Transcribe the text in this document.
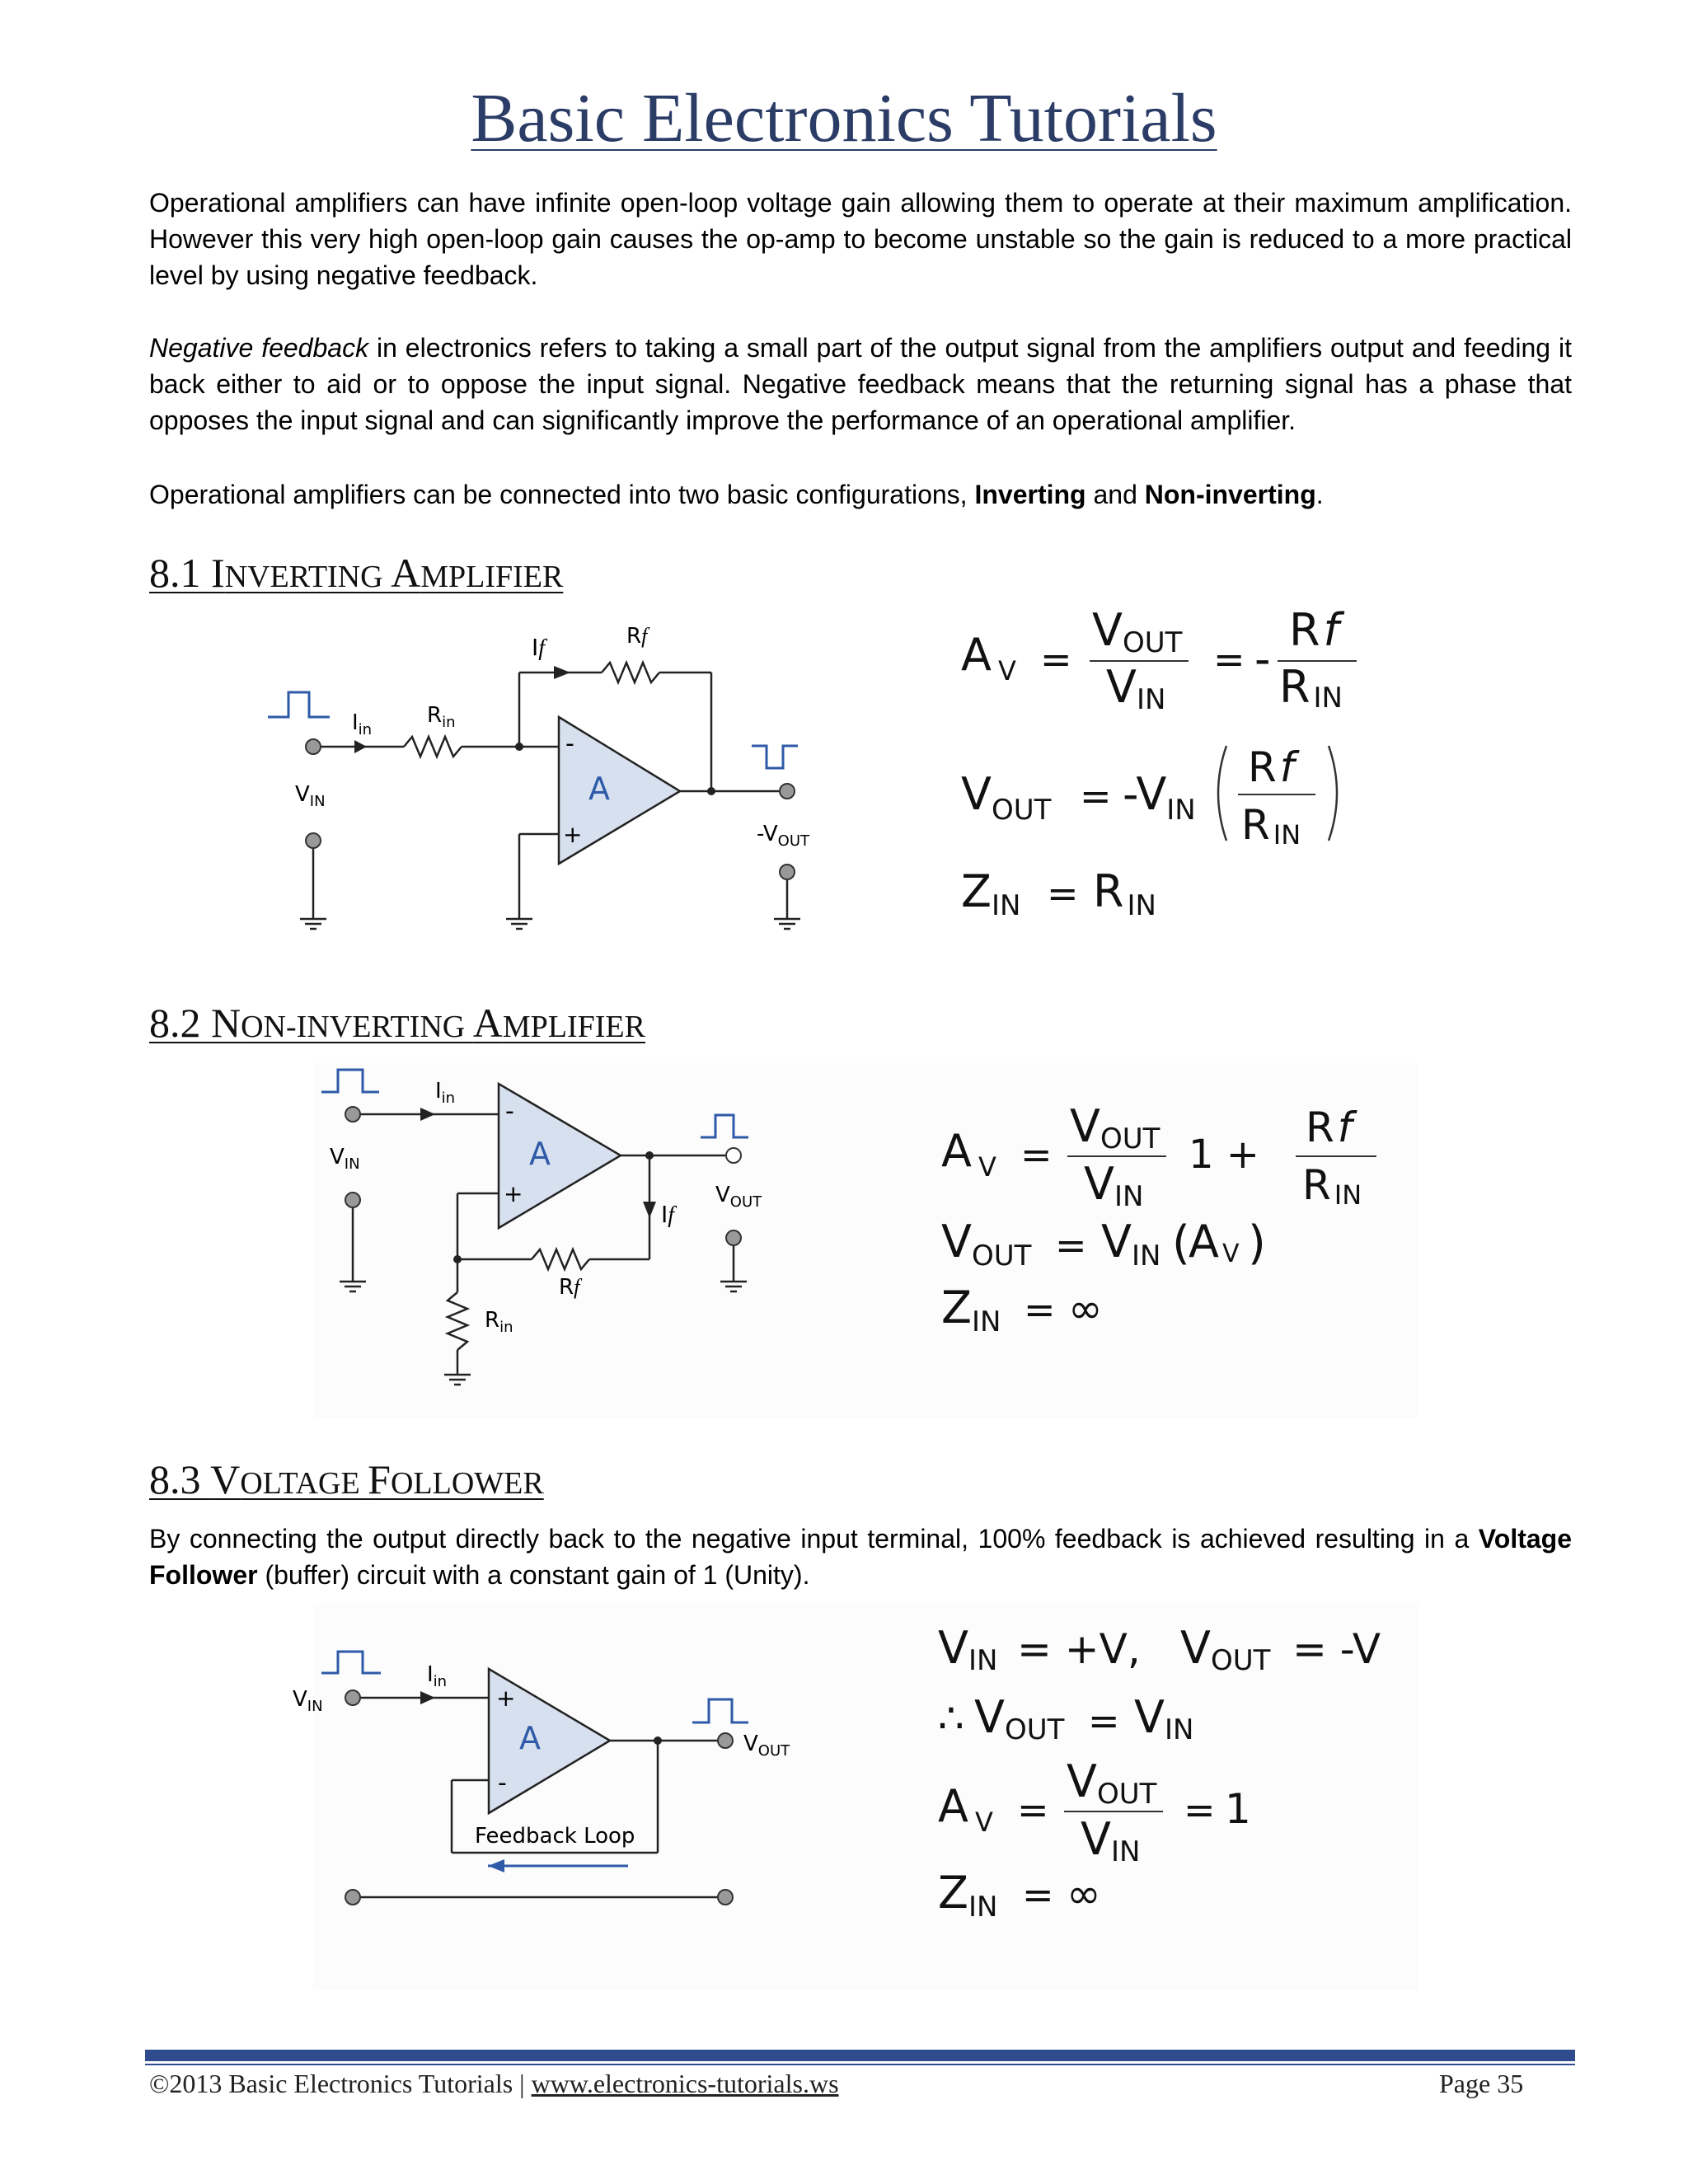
Basic Electronics Tutorials
Operational amplifiers can have infinite open-loop voltage gain allowing them to operate at their maximum amplification. However this very high open-loop gain causes the op-amp to become unstable so the gain is reduced to a more practical level by using negative feedback.
Negative feedback in electronics refers to taking a small part of the output signal from the amplifiers output and feeding it back either to aid or to oppose the input signal. Negative feedback means that the returning signal has a phase that opposes the input signal and can significantly improve the performance of an operational amplifier.
Operational amplifiers can be connected into two basic configurations, Inverting and Non-inverting.
8.1 INVERTING AMPLIFIER
$I_{in}$
$R_{in}$
If	Rf
$V_{IN}$
$-V_{OUT}$
A
-
+
A $_V$ =
VOUT
VIN
= -
Rf
RIN
$V_{OUT} = -V_{IN}$
Rf
RIN
ZIN = RIN
8.2 NON-INVERTING AMPLIFIER
$I_{in}$
$V_{IN}$
$V_{OUT}$
If
Rf
$R_{in}$
A
-
+
A $_V$ =
VOUT
VIN
1 +
Rf
RIN
VOUT = VIN (
A V )
ZIN = ∞
8.3 VOLTAGE FOLLOWER
By connecting the output directly back to the negative input terminal, 100% feedback is achieved resulting in a Voltage Follower (buffer) circuit with a constant gain of 1 (Unity).
$V_{IN}$
$I_{in}$
$V_{OUT}$
Feedback Loop
A
+
-
VIN = +V, VOUT = -V
∴ VOUT = VIN
A $_V$ =
VOUT
VIN
= 1
ZIN = ∞
©2013 Basic Electronics Tutorials | www.electronics-tutorials.ws	Page 35
